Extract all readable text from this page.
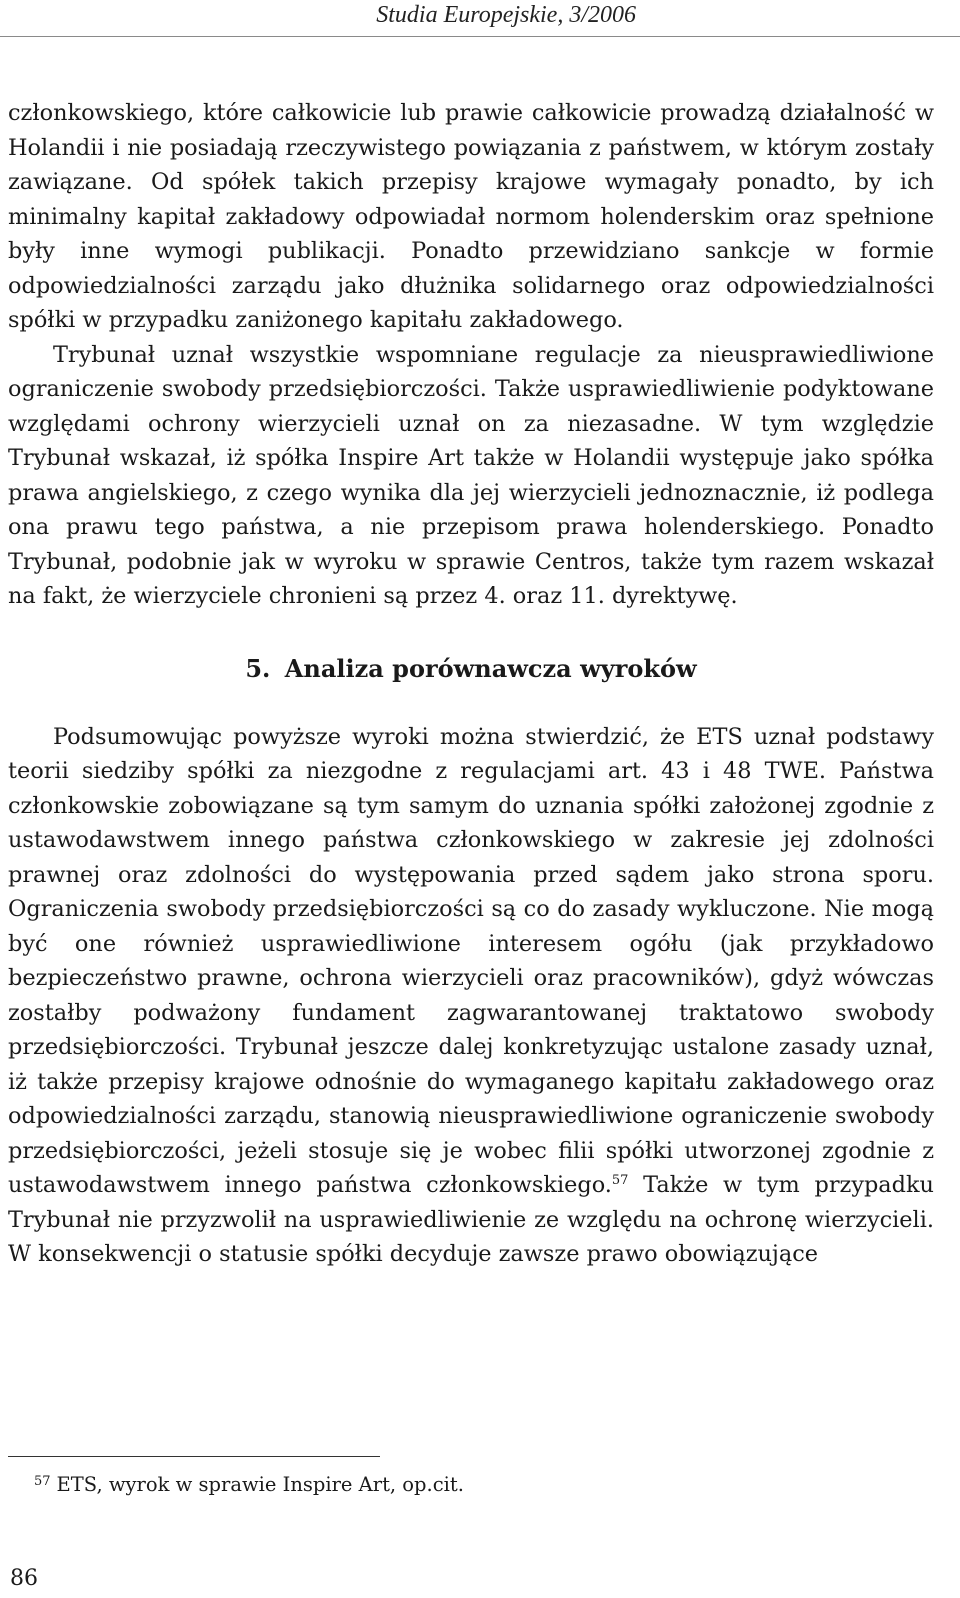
Studia Europejskie, 3/2006

członkowskiego, które całkowicie lub prawie całkowicie prowadzą działalność w Holandii i nie posiadają rzeczywistego powiązania z państwem, w którym zostały zawiązane. Od spółek takich przepisy krajowe wymagały ponadto, by ich minimalny kapitał zakładowy odpowiadał normom holenderskim oraz spełnione były inne wymogi publikacji. Ponadto przewidziano sankcje w formie odpowiedzialności zarządu jako dłużnika solidarnego oraz odpowiedzialności spółki w przypadku zaniżonego kapitału zakładowego.

Trybunał uznał wszystkie wspomniane regulacje za nieusprawiedliwione ograniczenie swobody przedsiębiorczości. Także usprawiedliwienie podyktowane względami ochrony wierzycieli uznał on za niezasadne. W tym względzie Trybunał wskazał, iż spółka Inspire Art także w Holandii występuje jako spółka prawa angielskiego, z czego wynika dla jej wierzycieli jednoznacznie, iż podlega ona prawu tego państwa, a nie przepisom prawa holenderskiego. Ponadto Trybunał, podobnie jak w wyroku w sprawie Centros, także tym razem wskazał na fakt, że wierzyciele chronieni są przez 4. oraz 11. dyrektywę.

5. Analiza porównawcza wyroków

Podsumowując powyższe wyroki można stwierdzić, że ETS uznał podstawy teorii siedziby spółki za niezgodne z regulacjami art. 43 i 48 TWE. Państwa członkowskie zobowiązane są tym samym do uznania spółki założonej zgodnie z ustawodawstwem innego państwa członkowskiego w zakresie jej zdolności prawnej oraz zdolności do występowania przed sądem jako strona sporu. Ograniczenia swobody przedsiębiorczości są co do zasady wykluczone. Nie mogą być one również usprawiedliwione interesem ogółu (jak przykładowo bezpieczeństwo prawne, ochrona wierzycieli oraz pracowników), gdyż wówczas zostałby podważony fundament zagwarantowanej traktatowo swobody przedsiębiorczości. Trybunał jeszcze dalej konkretyzując ustalone zasady uznał, iż także przepisy krajowe odnośnie do wymaganego kapitału zakładowego oraz odpowiedzialności zarządu, stanowią nieusprawiedliwione ograniczenie swobody przedsiębiorczości, jeżeli stosuje się je wobec filii spółki utworzonej zgodnie z ustawodawstwem innego państwa członkowskiego.$^{57}$ Także w tym przypadku Trybunał nie przyzwolił na usprawiedliwienie ze względu na ochronę wierzycieli. W konsekwencji o statusie spółki decyduje zawsze prawo obowiązujące

$^{57}$ ETS, wyrok w sprawie Inspire Art, op.cit.
86
